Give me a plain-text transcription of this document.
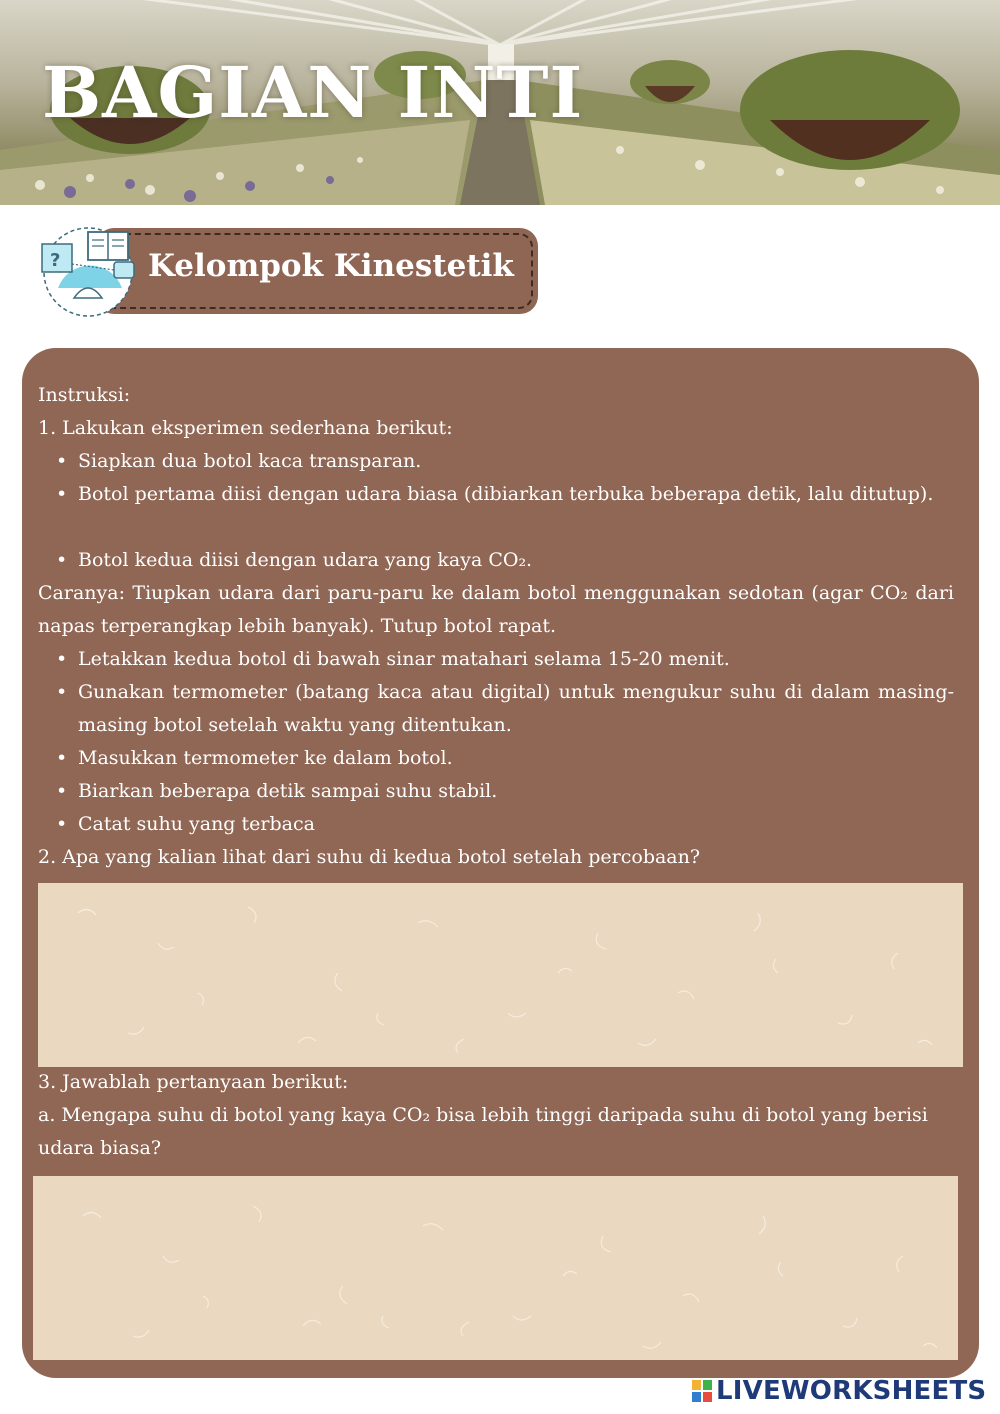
BAGIAN INTI
Kelompok Kinestetik
?

Instruksi:

1. Lakukan eksperimen sederhana berikut:

• Siapkan dua botol kaca transparan.
• Botol pertama diisi dengan udara biasa (dibiarkan terbuka beberapa detik, lalu ditutup).
• Botol kedua diisi dengan udara yang kaya CO₂.

Caranya: Tiupkan udara dari paru-paru ke dalam botol menggunakan sedotan (agar CO₂ dari napas terperangkap lebih banyak). Tutup botol rapat.

• Letakkan kedua botol di bawah sinar matahari selama 15-20 menit.
• Gunakan termometer (batang kaca atau digital) untuk mengukur suhu di dalam masing-masing botol setelah waktu yang ditentukan.
• Masukkan termometer ke dalam botol.
• Biarkan beberapa detik sampai suhu stabil.
• Catat suhu yang terbaca

2. Apa yang kalian lihat dari suhu di kedua botol setelah percobaan?

3. Jawablah pertanyaan berikut:

a. Mengapa suhu di botol yang kaya CO₂ bisa lebih tinggi daripada suhu di botol yang berisi udara biasa?

LIVEWORKSHEETS
